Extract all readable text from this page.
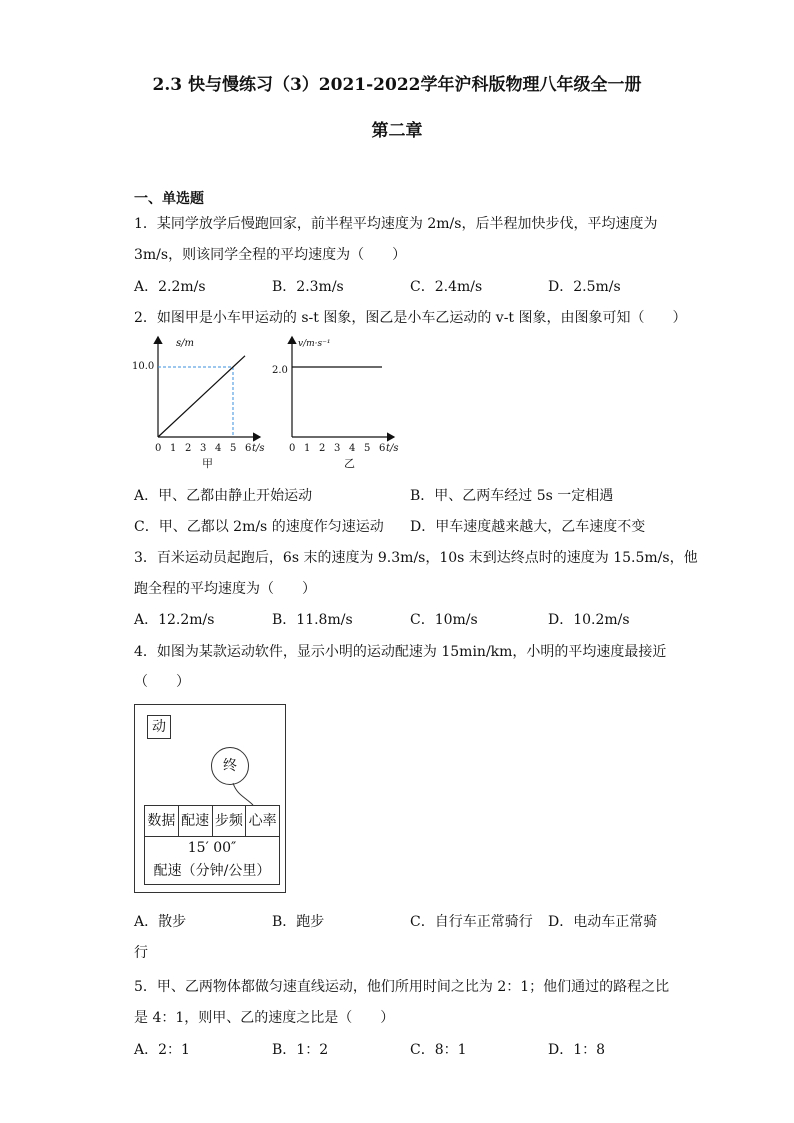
2.3 快与慢练习（3）2021-2022学年沪科版物理八年级全一册
第二章
一、单选题
1．某同学放学后慢跑回家，前半程平均速度为 2m/s，后半程加快步伐，平均速度为
3m/s，则该同学全程的平均速度为（　　）
A．2.2m/s	B．2.3m/s	C．2.4m/s	D．2.5m/s
2．如图甲是小车甲运动的 s-t 图象，图乙是小车乙运动的 v-t 图象，由图象可知（　　）
s/m
10.0
0 1 2 3 4 5 6 t/s
甲
v/m·s⁻¹
2.0
0 1 2 3 4 5 6 t/s
乙
A．甲、乙都由静止开始运动	B．甲、乙两车经过 5s 一定相遇
C．甲、乙都以 2m/s 的速度作匀速运动 D．甲车速度越来越大，乙车速度不变
3．百米运动员起跑后，6s 末的速度为 9.3m/s，10s 末到达终点时的速度为 15.5m/s，他
跑全程的平均速度为（　　）
A．12.2m/s	B．11.8m/s	C．10m/s	D．10.2m/s
4．如图为某款运动软件，显示小明的运动配速为 15min/km，小明的平均速度最接近
（　　）
动
终
数据 配速 步频 心率
15′ 00″
配速（分钟/公里）
A．散步	B．跑步	C．自行车正常骑行 D．电动车正常骑
行
5．甲、乙两物体都做匀速直线运动，他们所用时间之比为 2：1；他们通过的路程之比
是 4：1，则甲、乙的速度之比是（　　）
A．2：1	B．1：2	C．8：1	D．1：8
